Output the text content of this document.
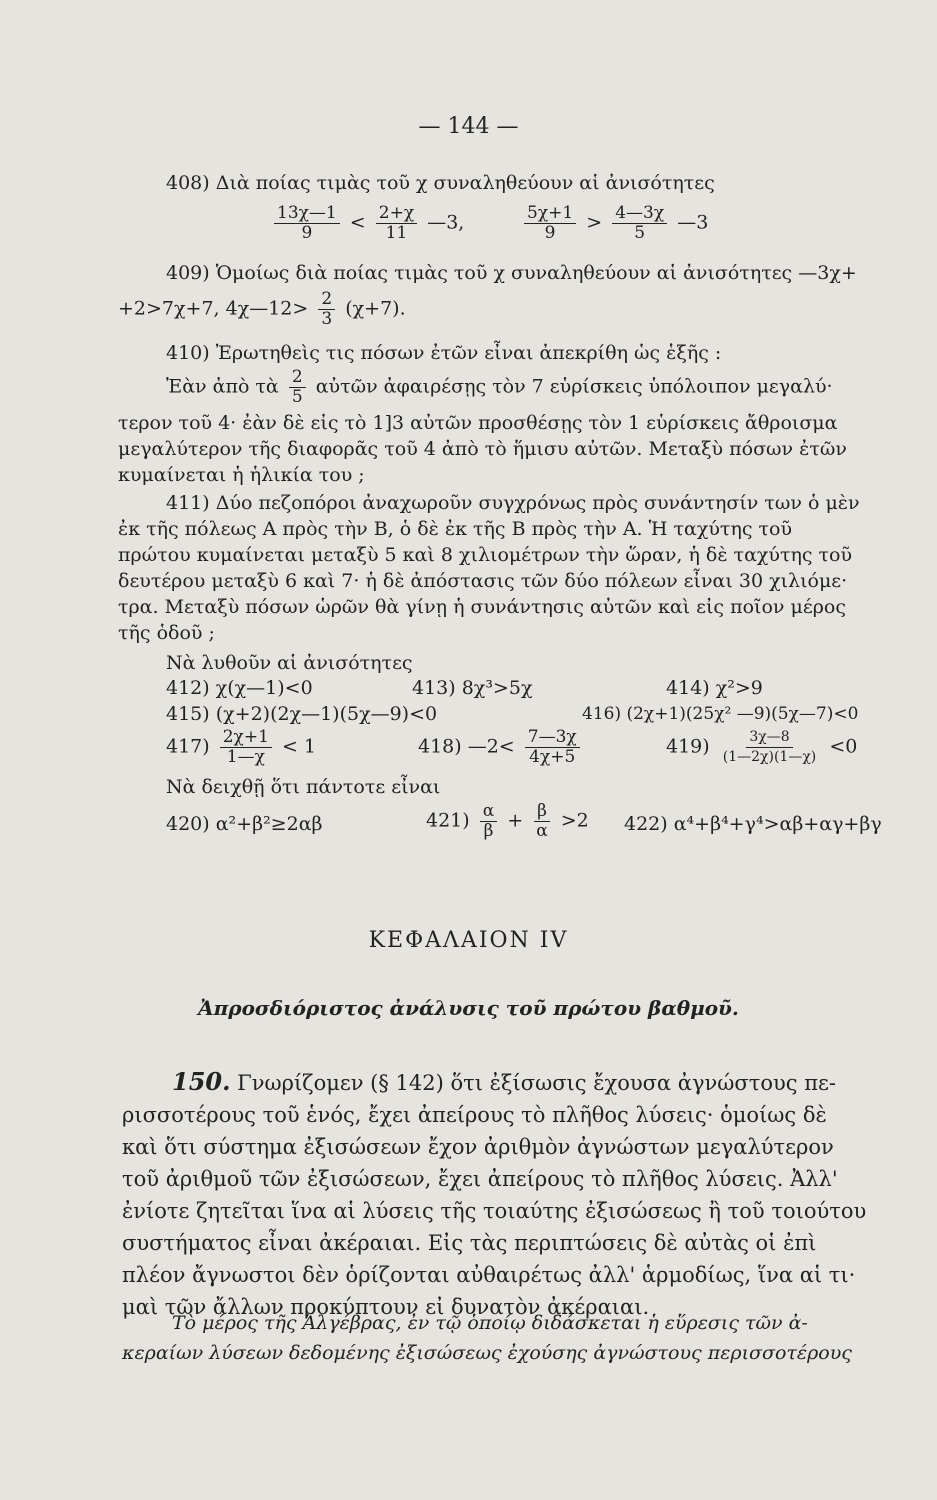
— 144 —
408) Διὰ ποίας τιμὰς τοῦ χ συναληθεύουν αἱ ἀνισότητες
$\frac{13\chi—1}{9} < \frac{2+\chi}{11}$ —3,	$\frac{5\chi+1}{9} > \frac{4—3\chi}{5}$ —3
409) Ὁμοίως διὰ ποίας τιμὰς τοῦ χ συναληθεύουν αἱ ἀνισότητες —3χ+
+2>7χ+7, 4χ—12> $\frac{2}{3} (\chi+7)$.
410) Ἐρωτηθεὶς τις πόσων ἐτῶν εἶναι ἀπεκρίθη ὡς ἑξῆς :
Ἐὰν ἀπὸ τὰ $\frac{2}{5}$ αὐτῶν ἀφαιρέσῃς τὸν 7 εὑρίσκεις ὑπόλοιπον μεγαλύ·
τερον τοῦ 4· ἐὰν δὲ εἰς τὸ 1]3 αὐτῶν προσθέσῃς τὸν 1 εὑρίσκεις ἄθροισμα
μεγαλύτερον τῆς διαφορᾶς τοῦ 4 ἀπὸ τὸ ἥμισυ αὐτῶν. Μεταξὺ πόσων ἐτῶν
κυμαίνεται ἡ ἡλικία του ;
411) Δύο πεζοπόροι ἀναχωροῦν συγχρόνως πρὸς συνάντησίν των ὁ μὲν
ἐκ τῆς πόλεως Α πρὸς τὴν Β, ὁ δὲ ἐκ τῆς Β πρὸς τὴν Α. Ἡ ταχύτης τοῦ
πρώτου κυμαίνεται μεταξὺ 5 καὶ 8 χιλιομέτρων τὴν ὥραν, ἡ δὲ ταχύτης τοῦ
δευτέρου μεταξὺ 6 καὶ 7· ἡ δὲ ἀπόστασις τῶν δύο πόλεων εἶναι 30 χιλιόμε·
τρα. Μεταξὺ πόσων ὡρῶν θὰ γίνῃ ἡ συνάντησις αὐτῶν καὶ εἰς ποῖον μέρος
τῆς ὁδοῦ ;
Νὰ λυθοῦν αἱ ἀνισότητες
412) χ(χ—1)<0	413) 8χ³>5χ	414) χ²>9
415) (χ+2)(2χ—1)(5χ—9)<0	416) (2χ+1)(25χ² —9)(5χ—7)<0
$417) \frac{2\chi+1}{1—\chi} < 1$	418) —2< $\frac{7—3\chi}{4\chi+5}$	$419) \frac{3\chi—8}{(1—2\chi)(1—\chi)} <0$
Νὰ δειχθῇ ὅτι πάντοτε εἶναι
420) α²+β²≥2αβ	$421) \frac{\alpha}{\beta} + \frac{\beta}{\alpha} >2$ 422) α⁴+β⁴+γ⁴>αβ+αγ+βγ
ΚΕΦΑΛΑΙΟΝ IV
Ἀπροσδιόριστος ἀνάλυσις τοῦ πρώτου βαθμοῦ.
150. Γνωρίζομεν (§ 142) ὅτι ἐξίσωσις ἔχουσα ἀγνώστους πε-
ρισσοτέρους τοῦ ἑνός, ἔχει ἀπείρους τὸ πλῆθος λύσεις· ὁμοίως δὲ
καὶ ὅτι σύστημα ἐξισώσεων ἔχον ἀριθμὸν ἀγνώστων μεγαλύτερον
τοῦ ἀριθμοῦ τῶν ἐξισώσεων, ἔχει ἀπείρους τὸ πλῆθος λύσεις. Ἀλλ'
ἐνίοτε ζητεῖται ἵνα αἱ λύσεις τῆς τοιαύτης ἐξισώσεως ἢ τοῦ τοιούτου
συστήματος εἶναι ἀκέραιαι. Εἰς τὰς περιπτώσεις δὲ αὐτὰς οἱ ἐπὶ
πλέον ἄγνωστοι δὲν ὁρίζονται αὐθαιρέτως ἀλλ' ἁρμοδίως, ἵνα αἱ τι·
μαὶ τῶν ἄλλων προκύπτουν εἰ δυνατὸν ἀκέραιαι.
Τὸ μέρος τῆς Ἀλγέβρας, ἐν τῷ ὁποίῳ διδάσκεται ἡ εὕρεσις τῶν ἀ-
κεραίων λύσεων δεδομένης ἐξισώσεως ἐχούσης ἀγνώστους περισσοτέρους
